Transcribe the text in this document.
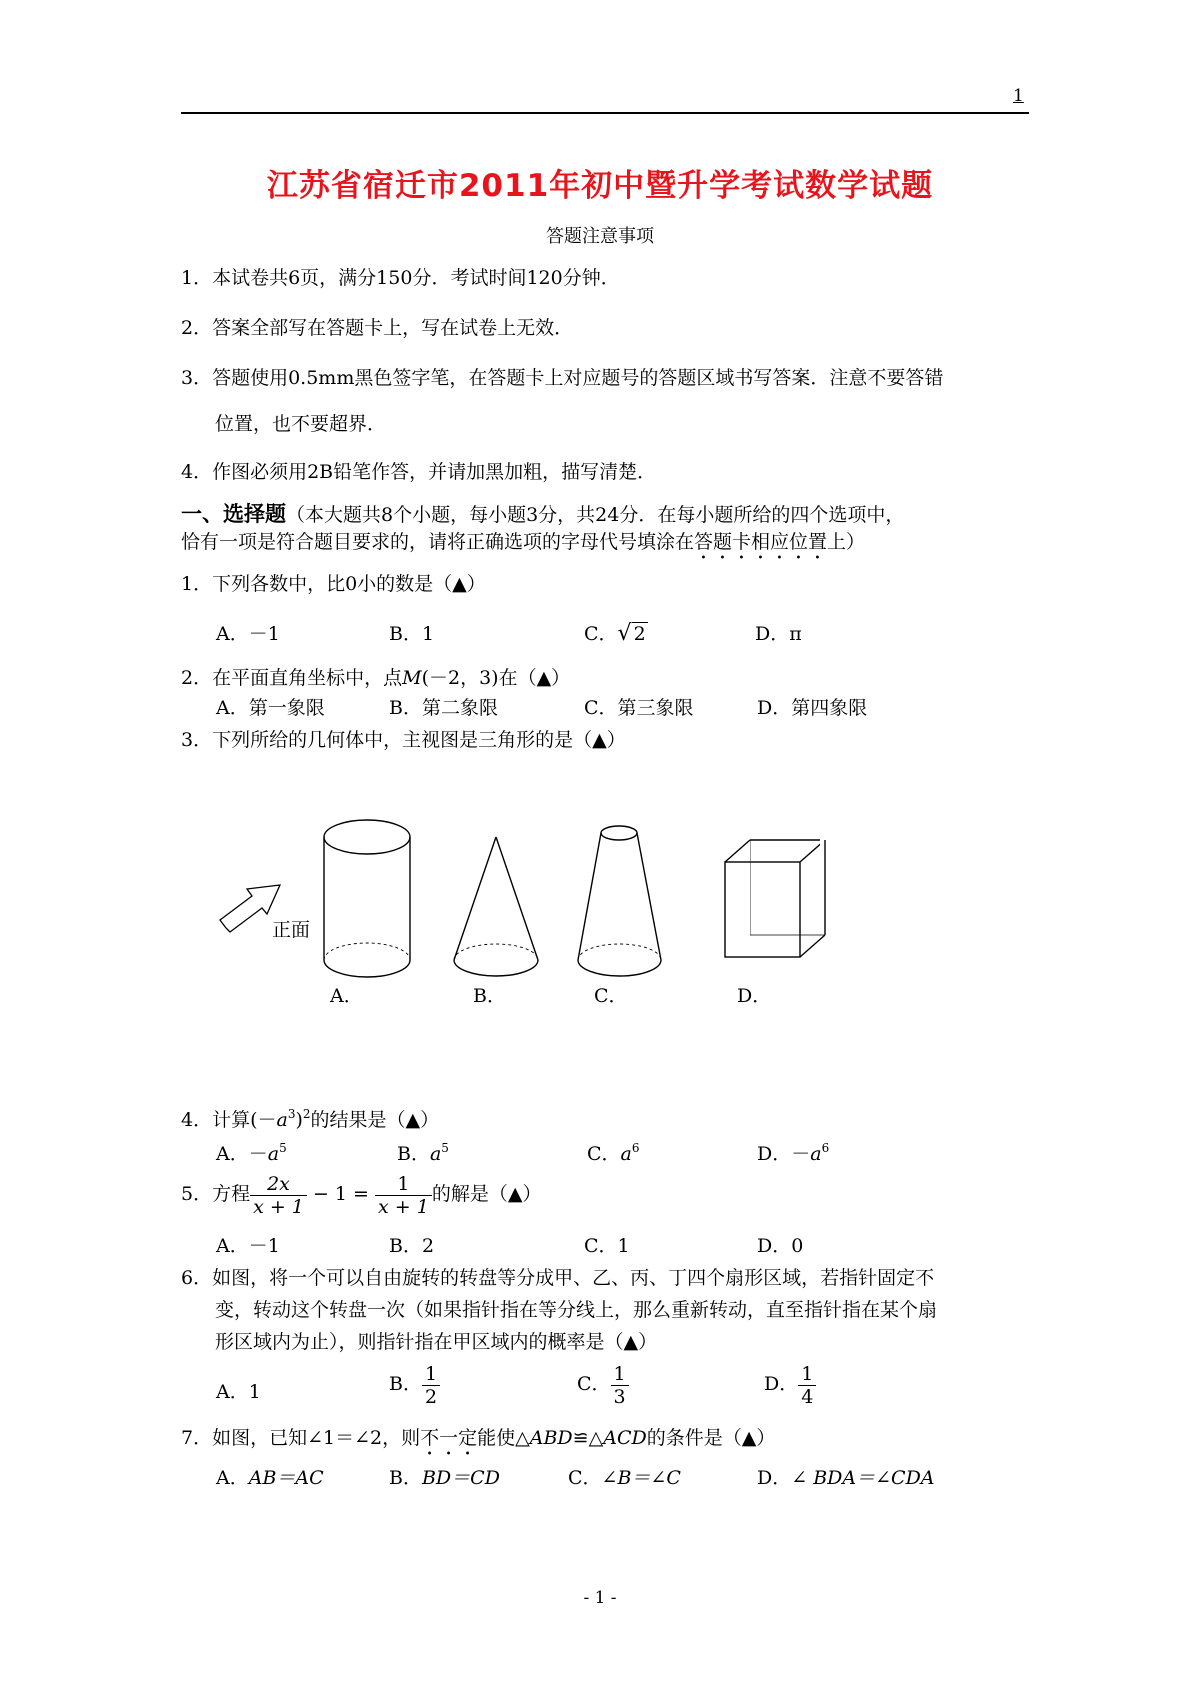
1
江苏省宿迁市2011年初中暨升学考试数学试题
答题注意事项
1．本试卷共6页，满分150分．考试时间120分钟．
2．答案全部写在答题卡上，写在试卷上无效．
3．答题使用0.5mm黑色签字笔，在答题卡上对应题号的答题区域书写答案．注意不要答错
位置，也不要超界．
4．作图必须用2B铅笔作答，并请加黑加粗，描写清楚．
一、选择题（本大题共8个小题，每小题3分，共24分．在每小题所给的四个选项中，
恰有一项是符合题目要求的，请将正确选项的字母代号填涂在答题卡相应位置上）
1．下列各数中，比0小的数是（▲）
A．－1	B．1	C．√ 2	D．π
2．在平面直角坐标中，点M(－2，3)在（▲）
A．第一象限	B．第二象限	C．第三象限	D．第四象限
3．下列所给的几何体中，主视图是三角形的是（▲）
正面
A．	B．	C．	D．
4．计算$(-a^3)^2$的结果是（▲）
A．$-a^5$	B．$a^5$	C．$a^6$	D．$-a^6$
5．方程 $\frac{2x}{x + 1} - 1 = \frac{1}{x + 1}$ 的解是（▲）
A．－1	B．2	C．1	D．0
6．如图，将一个可以自由旋转的转盘等分成甲、乙、丙、丁四个扇形区域，若指针固定不
变，转动这个转盘一次（如果指针指在等分线上，那么重新转动，直至指针指在某个扇
形区域内为止），则指针指在甲区域内的概率是（▲）
A．1	B． $\frac{1}{2}$	C． $\frac{1}{3}$	D． $\frac{1}{4}$
7．如图，已知∠1＝∠2，则不一定能使△ABD≌△ACD的条件是（▲）
A．AB＝AC	B．BD＝CD	C．∠B＝∠C	D．∠ BDA＝∠CDA
- 1 -
